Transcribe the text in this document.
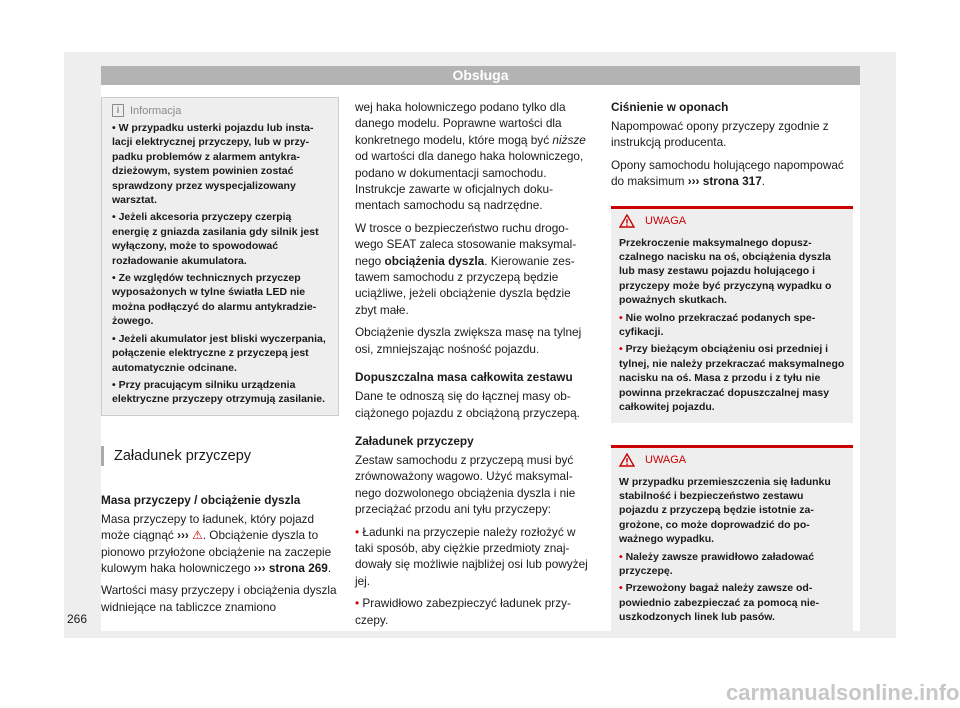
Obsługa
i Informacja
• W przypadku usterki pojazdu lub instalacji elektrycznej przyczepy, lub w przypadku problemów z alarmem antykradzieżowym, system powinien zostać sprawdzony przez wyspecjalizowany warsztat.
• Jeżeli akcesoria przyczepy czerpią energię z gniazda zasilania gdy silnik jest wyłączony, może to spowodować rozładowanie akumulatora.
• Ze względów technicznych przyczep wyposażonych w tylne światła LED nie można podłączyć do alarmu antykradzieżowego.
• Jeżeli akumulator jest bliski wyczerpania, połączenie elektryczne z przyczepą jest automatycznie odcinane.
• Przy pracującym silniku urządzenia elektryczne przyczepy otrzymują zasilanie.
Załadunek przyczepy
Masa przyczepy / obciążenie dyszla
Masa przyczepy to ładunek, który pojazd może ciągnąć ››› ⚠. Obciążenie dyszla to pionowo przyłożone obciążenie na zaczepie kulowym haka holowniczego ››› strona 269.
Wartości masy przyczepy i obciążenia dyszla widniejące na tabliczce znamiono
wej haka holowniczego podano tylko dla danego modelu. Poprawne wartości dla konkretnego modelu, które mogą być niższe od wartości dla danego haka holowniczego, podano w dokumentacji samochodu. Instrukcje zawarte w oficjalnych dokumentach samochodu są nadrzędne.
W trosce o bezpieczeństwo ruchu drogowego SEAT zaleca stosowanie maksymalnego obciążenia dyszla. Kierowanie zestawem samochodu z przyczepą będzie uciążliwe, jeżeli obciążenie dyszla będzie zbyt małe.
Obciążenie dyszla zwiększa masę na tylnej osi, zmniejszając nośność pojazdu.
Dopuszczalna masa całkowita zestawu
Dane te odnoszą się do łącznej masy obciążonego pojazdu z obciążoną przyczepą.
Załadunek przyczepy
Zestaw samochodu z przyczepą musi być zrównoważony wagowo. Użyć maksymalnego dozwolonego obciążenia dyszla i nie przeciążać przodu ani tyłu przyczepy:
• Ładunki na przyczepie należy rozłożyć w taki sposób, aby ciężkie przedmioty znajdowały się możliwie najbliżej osi lub powyżej jej.
• Prawidłowo zabezpieczyć ładunek przyczepy.
Ciśnienie w oponach
Napompować opony przyczepy zgodnie z instrukcją producenta.
Opony samochodu holującego napompować do maksimum ››› strona 317.
UWAGA

Przekroczenie maksymalnego dopuszczalnego nacisku na oś, obciążenia dyszla lub masy zestawu pojazdu holującego i przyczepy może być przyczyną wypadku o poważnych skutkach.

• Nie wolno przekraczać podanych specyfikacji.

• Przy bieżącym obciążeniu osi przedniej i tylnej, nie należy przekraczać maksymalnego nacisku na oś. Masa z przodu i z tyłu nie powinna przekraczać dopuszczalnej masy całkowitej pojazdu.

UWAGA

W przypadku przemieszczenia się ładunku stabilność i bezpieczeństwo zestawu pojazdu z przyczepą będzie istotnie zagrożone, co może doprowadzić do poważnego wypadku.

• Należy zawsze prawidłowo załadować przyczepę.

• Przewożony bagaż należy zawsze odpowiednio zabezpieczać za pomocą nieuszkodzonych linek lub pasów.

266
carmanualsonline.info
